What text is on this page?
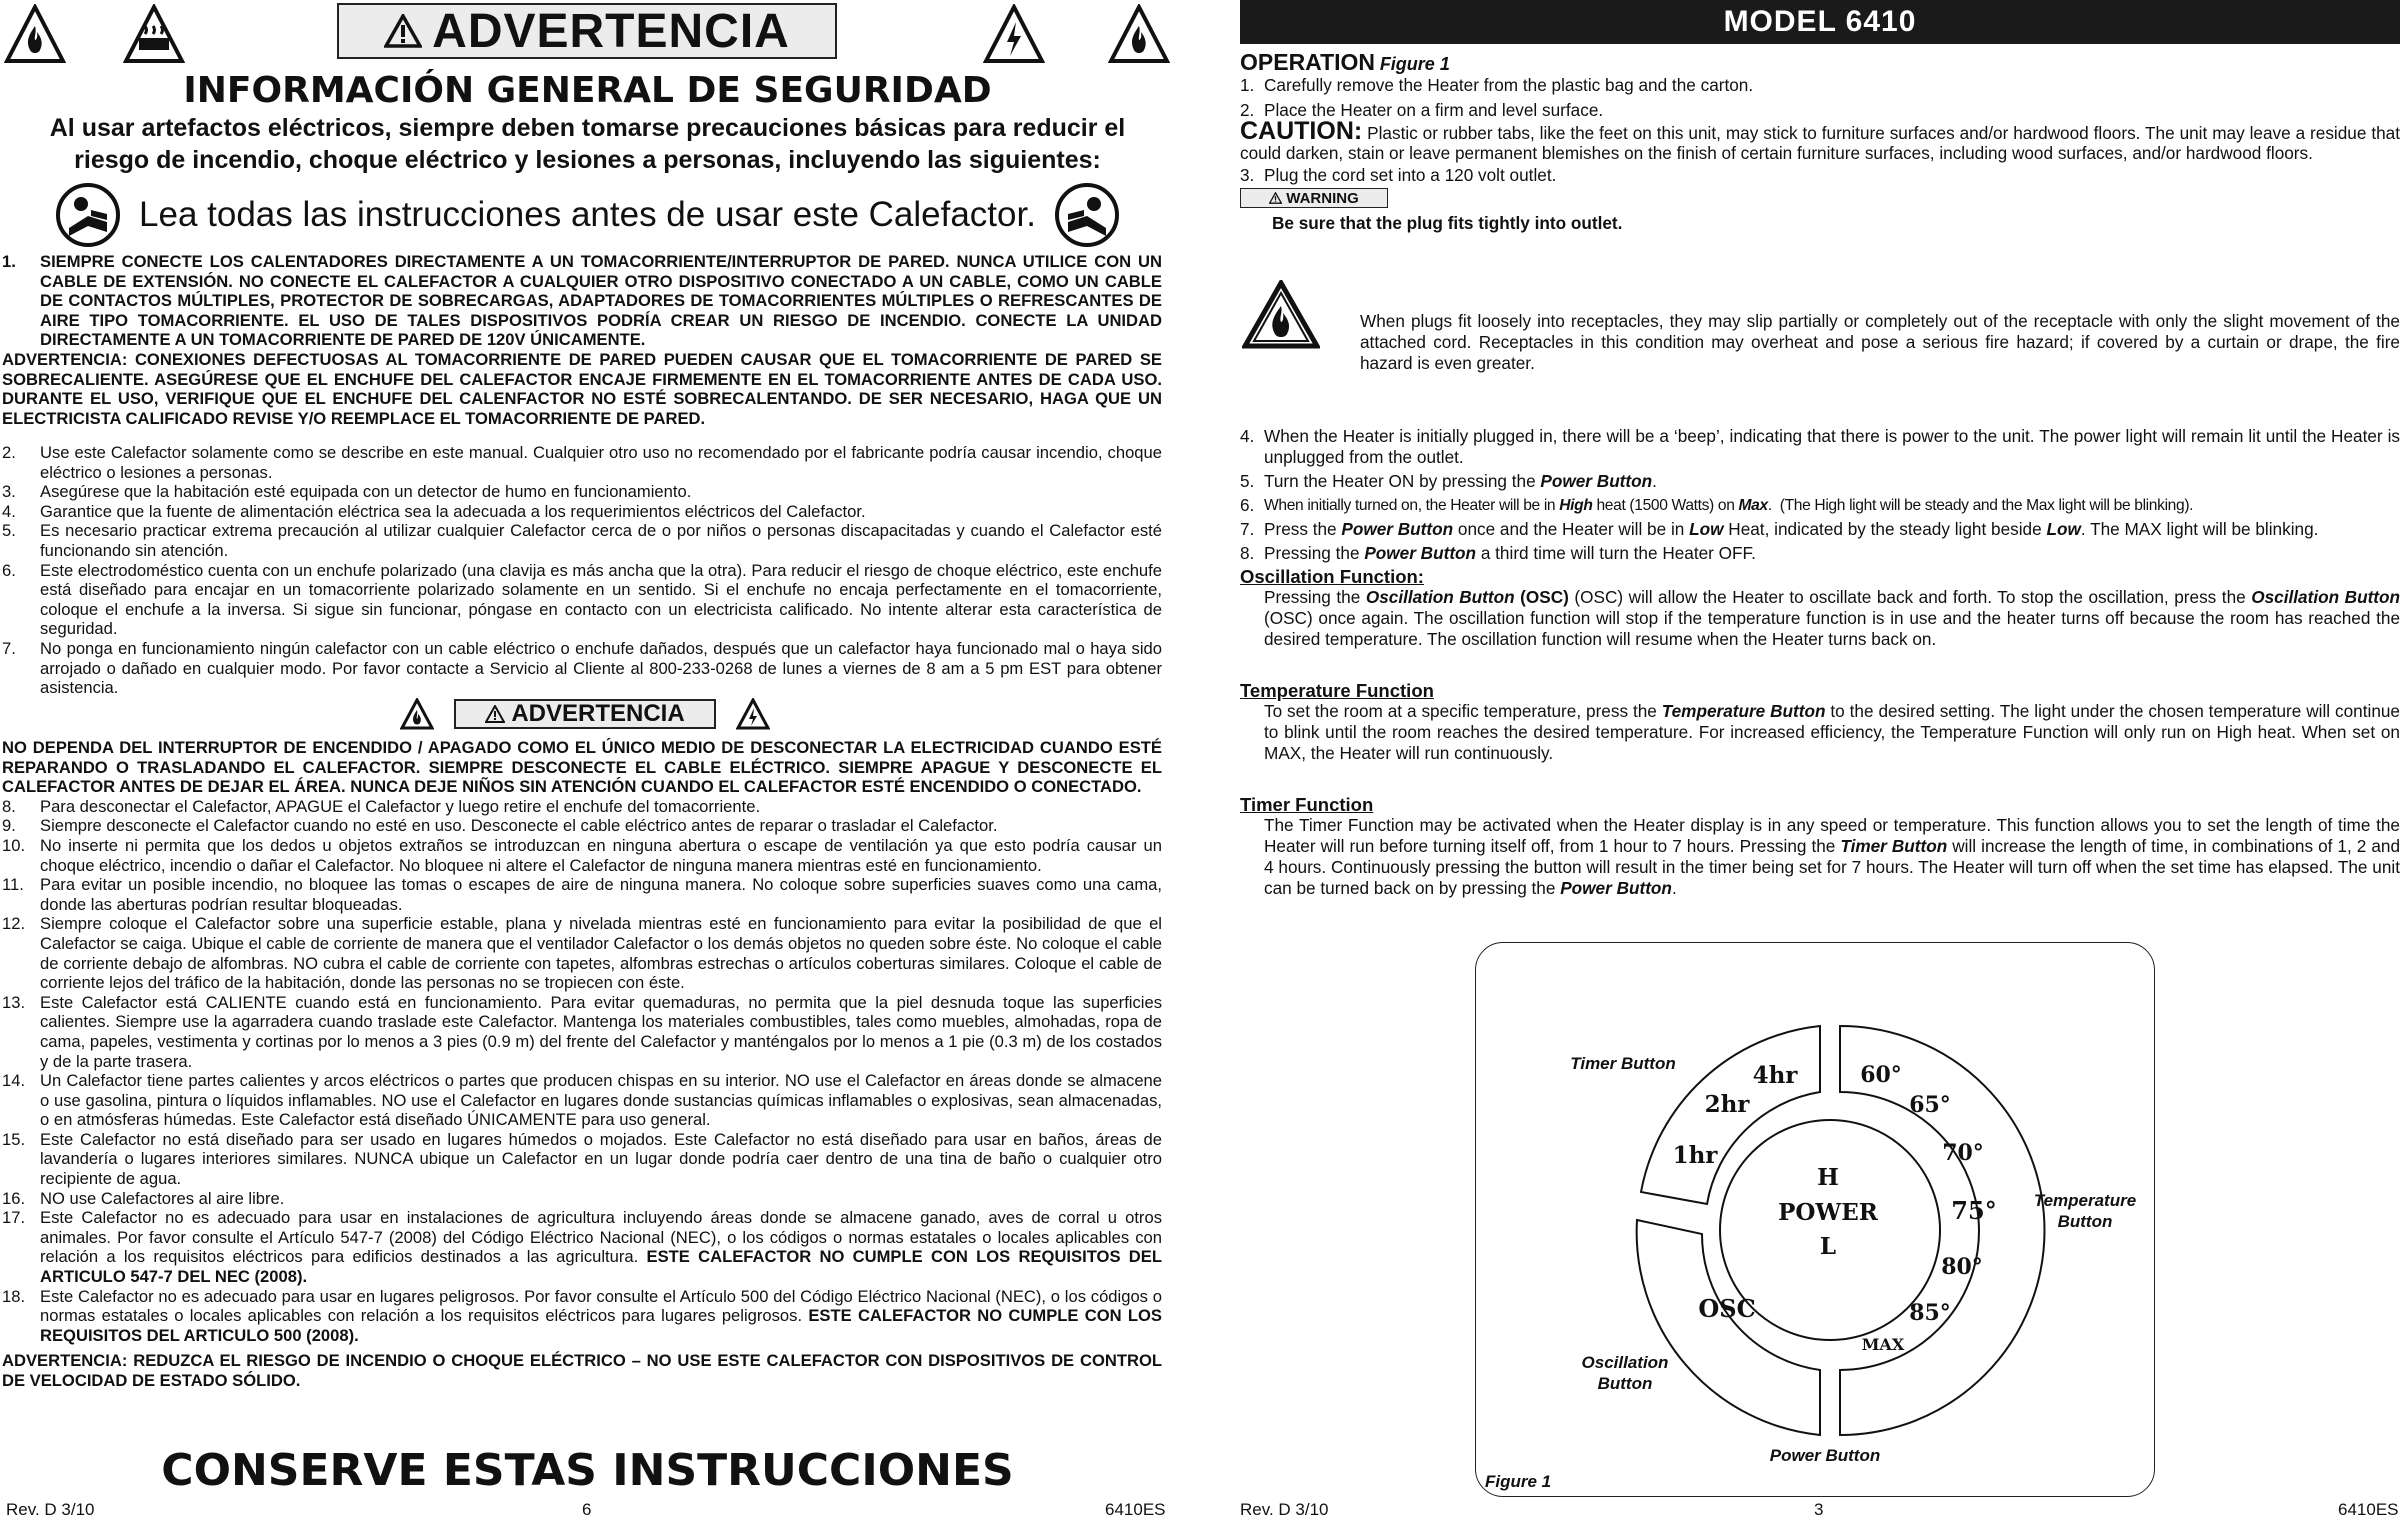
ADVERTENCIA
INFORMACIÓN GENERAL DE SEGURIDAD
Al usar artefactos eléctricos, siempre deben tomarse precauciones básicas para reducir el
riesgo de incendio, choque eléctrico y lesiones a personas, incluyendo las siguientes:
Lea todas las instrucciones antes de usar este Calefactor.
1.	SIEMPRE CONECTE LOS CALENTADORES DIRECTAMENTE A UN TOMACORRIENTE/INTERRUPTOR DE PARED. NUNCA UTILICE CON UN CABLE DE EXTENSIÓN. NO CONECTE EL CALEFACTOR A CUALQUIER OTRO DISPOSITIVO CONECTADO A UN CABLE, COMO UN CABLE DE CONTACTOS MÚLTIPLES, PROTECTOR DE SOBRECARGAS, ADAPTADORES DE TOMACORRIENTES MÚLTIPLES O REFRESCANTES DE AIRE TIPO TOMACORRIENTE. EL USO DE TALES DISPOSITIVOS PODRÍA CREAR UN RIESGO DE INCENDIO. CONECTE LA UNIDAD DIRECTAMENTE A UN TOMACORRIENTE DE PARED DE 120V ÚNICAMENTE.

ADVERTENCIA: CONEXIONES DEFECTUOSAS AL TOMACORRIENTE DE PARED PUEDEN CAUSAR QUE EL TOMACORRIENTE DE PARED SE SOBRECALIENTE. ASEGÚRESE QUE EL ENCHUFE DEL CALEFACTOR ENCAJE FIRMEMENTE EN EL TOMACORRIENTE ANTES DE CADA USO. DURANTE EL USO, VERIFIQUE QUE EL ENCHUFE DEL CALENFACTOR NO ESTÉ SOBRECALENTANDO. DE SER NECESARIO, HAGA QUE UN ELECTRICISTA CALIFICADO REVISE Y/O REEMPLACE EL TOMACORRIENTE DE PARED.

2.	Use este Calefactor solamente como se describe en este manual. Cualquier otro uso no recomendado por el fabricante podría causar incendio, choque eléctrico o lesiones a personas.
3.	Asegúrese que la habitación esté equipada con un detector de humo en funcionamiento.
4.	Garantice que la fuente de alimentación eléctrica sea la adecuada a los requerimientos eléctricos del Calefactor.
5.	Es necesario practicar extrema precaución al utilizar cualquier Calefactor cerca de o por niños o personas discapacitadas y cuando el Calefactor esté funcionando sin atención.
6.	Este electrodoméstico cuenta con un enchufe polarizado (una clavija es más ancha que la otra). Para reducir el riesgo de choque eléctrico, este enchufe está diseñado para encajar en un tomacorriente polarizado solamente en un sentido. Si el enchufe no encaja perfectamente en el tomacorriente, coloque el enchufe a la inversa. Si sigue sin funcionar, póngase en contacto con un electricista calificado. No intente alterar esta característica de seguridad.
7.	No ponga en funcionamiento ningún calefactor con un cable eléctrico o enchufe dañados, después que un calefactor haya funcionado mal o haya sido arrojado o dañado en cualquier modo. Por favor contacte a Servicio al Cliente al 800-233-0268 de lunes a viernes de 8 am a 5 pm EST para obtener asistencia.
ADVERTENCIA

NO DEPENDA DEL INTERRUPTOR DE ENCENDIDO / APAGADO COMO EL ÚNICO MEDIO DE DESCONECTAR LA ELECTRICIDAD CUANDO ESTÉ REPARANDO O TRASLADANDO EL CALEFACTOR. SIEMPRE DESCONECTE EL CABLE ELÉCTRICO. SIEMPRE APAGUE Y DESCONECTE EL CALEFACTOR ANTES DE DEJAR EL ÁREA. NUNCA DEJE NIÑOS SIN ATENCIÓN CUANDO EL CALEFACTOR ESTÉ ENCENDIDO O CONECTADO.

8.	Para desconectar el Calefactor, APAGUE el Calefactor y luego retire el enchufe del tomacorriente.
9.	Siempre desconecte el Calefactor cuando no esté en uso. Desconecte el cable eléctrico antes de reparar o trasladar el Calefactor.
10. No inserte ni permita que los dedos u objetos extraños se introduzcan en ninguna abertura o escape de ventilación ya que esto podría causar un choque eléctrico, incendio o dañar el Calefactor. No bloquee ni altere el Calefactor de ninguna manera mientras esté en funcionamiento.
11. Para evitar un posible incendio, no bloquee las tomas o escapes de aire de ninguna manera. No coloque sobre superficies suaves como una cama, donde las aberturas podrían resultar bloqueadas.
12. Siempre coloque el Calefactor sobre una superficie estable, plana y nivelada mientras esté en funcionamiento para evitar la posibilidad de que el Calefactor se caiga. Ubique el cable de corriente de manera que el ventilador Calefactor o los demás objetos no queden sobre éste. No coloque el cable de corriente debajo de alfombras. NO cubra el cable de corriente con tapetes, alfombras estrechas o artículos coberturas similares. Coloque el cable de corriente lejos del tráfico de la habitación, donde las personas no se tropiecen con éste.
13. Este Calefactor está CALIENTE cuando está en funcionamiento. Para evitar quemaduras, no permita que la piel desnuda toque las superficies calientes. Siempre use la agarradera cuando traslade este Calefactor. Mantenga los materiales combustibles, tales como muebles, almohadas, ropa de cama, papeles, vestimenta y cortinas por lo menos a 3 pies (0.9 m) del frente del Calefactor y manténgalos por lo menos a 1 pie (0.3 m) de los costados y de la parte trasera.
14. Un Calefactor tiene partes calientes y arcos eléctricos o partes que producen chispas en su interior. NO use el Calefactor en áreas donde se almacene o use gasolina, pintura o líquidos inflamables. NO use el Calefactor en lugares donde sustancias químicas inflamables o explosivas, sean almacenadas, o en atmósferas húmedas. Este Calefactor está diseñado ÚNICAMENTE para uso general.
15. Este Calefactor no está diseñado para ser usado en lugares húmedos o mojados. Este Calefactor no está diseñado para usar en baños, áreas de lavandería o lugares interiores similares. NUNCA ubique un Calefactor en un lugar donde podría caer dentro de una tina de baño o cualquier otro recipiente de agua.
16. NO use Calefactores al aire libre.
17. Este Calefactor no es adecuado para usar en instalaciones de agricultura incluyendo áreas donde se almacene ganado, aves de corral u otros animales. Por favor consulte el Artículo 547-7 (2008) del Código Eléctrico Nacional (NEC), o los códigos o normas estatales o locales aplicables con relación a los requisitos eléctricos para edificios destinados a las agricultura. ESTE CALEFACTOR NO CUMPLE CON LOS REQUISITOS DEL ARTICULO 547-7 DEL NEC (2008).
18. Este Calefactor no es adecuado para usar en lugares peligrosos. Por favor consulte el Artículo 500 del Código Eléctrico Nacional (NEC), o los códigos o normas estatales o locales aplicables con relación a los requisitos eléctricos para lugares peligrosos. ESTE CALEFACTOR NO CUMPLE CON LOS REQUISITOS DEL ARTICULO 500 (2008).

ADVERTENCIA: REDUZCA EL RIESGO DE INCENDIO O CHOQUE ELÉCTRICO – NO USE ESTE CALEFACTOR CON DISPOSITIVOS DE CONTROL DE VELOCIDAD DE ESTADO SÓLIDO.

CONSERVE ESTAS INSTRUCCIONES
Rev. D 3/10	6	6410ES
MODEL 6410

OPERATION Figure 1

1. Carefully remove the Heater from the plastic bag and the carton.
2. Place the Heater on a firm and level surface.

CAUTION: Plastic or rubber tabs, like the feet on this unit, may stick to furniture surfaces and/or hardwood floors. The unit may leave a residue that could darken, stain or leave permanent blemishes on the finish of certain furniture surfaces, including wood surfaces, and/or hardwood floors.

3. Plug the cord set into a 120 volt outlet.
WARNING

Be sure that the plug fits tightly into outlet.

When plugs fit loosely into receptacles, they may slip partially or completely out of the receptacle with only the slight movement of the attached cord. Receptacles in this condition may overheat and pose a serious fire hazard; if covered by a curtain or drape, the fire hazard is even greater.

4. When the Heater is initially plugged in, there will be a ‘beep’, indicating that there is power to the unit. The power light will remain lit until the Heater is unplugged from the outlet.
5. Turn the Heater ON by pressing the Power Button.
6. When initially turned on, the Heater will be in High heat (1500 Watts) on Max.  (The High light will be steady and the Max light will be blinking).
7. Press the Power Button once and the Heater will be in Low Heat, indicated by the steady light beside Low. The MAX light will be blinking.
8. Pressing the Power Button a third time will turn the Heater OFF.

Oscillation Function:

Pressing the Oscillation Button (OSC) (OSC) will allow the Heater to oscillate back and forth. To stop the oscillation, press the Oscillation Button (OSC) once again. The oscillation function will stop if the temperature function is in use and the heater turns off because the room has reached the desired temperature. The oscillation function will resume when the Heater turns back on.

Temperature Function

To set the room at a specific temperature, press the Temperature Button to the desired setting. The light under the chosen temperature will continue to blink until the room reaches the desired temperature. For increased efficiency, the Temperature Function will only run on High heat. When set on MAX, the Heater will run continuously.

Timer Function

The Timer Function may be activated when the Heater display is in any speed or temperature. This function allows you to set the length of time the Heater will run before turning itself off, from 1 hour to 7 hours. Pressing the Timer Button will increase the length of time, in combinations of 1, 2 and 4 hours. Continuously pressing the button will result in the timer being set for 7 hours. The Heater will turn off when the set time has elapsed. The unit can be turned back on by pressing the Power Button.

4hr
2hr
1hr
60°
65°
70°
75°
80°
85°
MAX
OSC
H
POWER
L
Timer Button
Temperature
Button
Oscillation
Button
Power Button
Figure 1
Rev. D 3/10	3	6410ES
